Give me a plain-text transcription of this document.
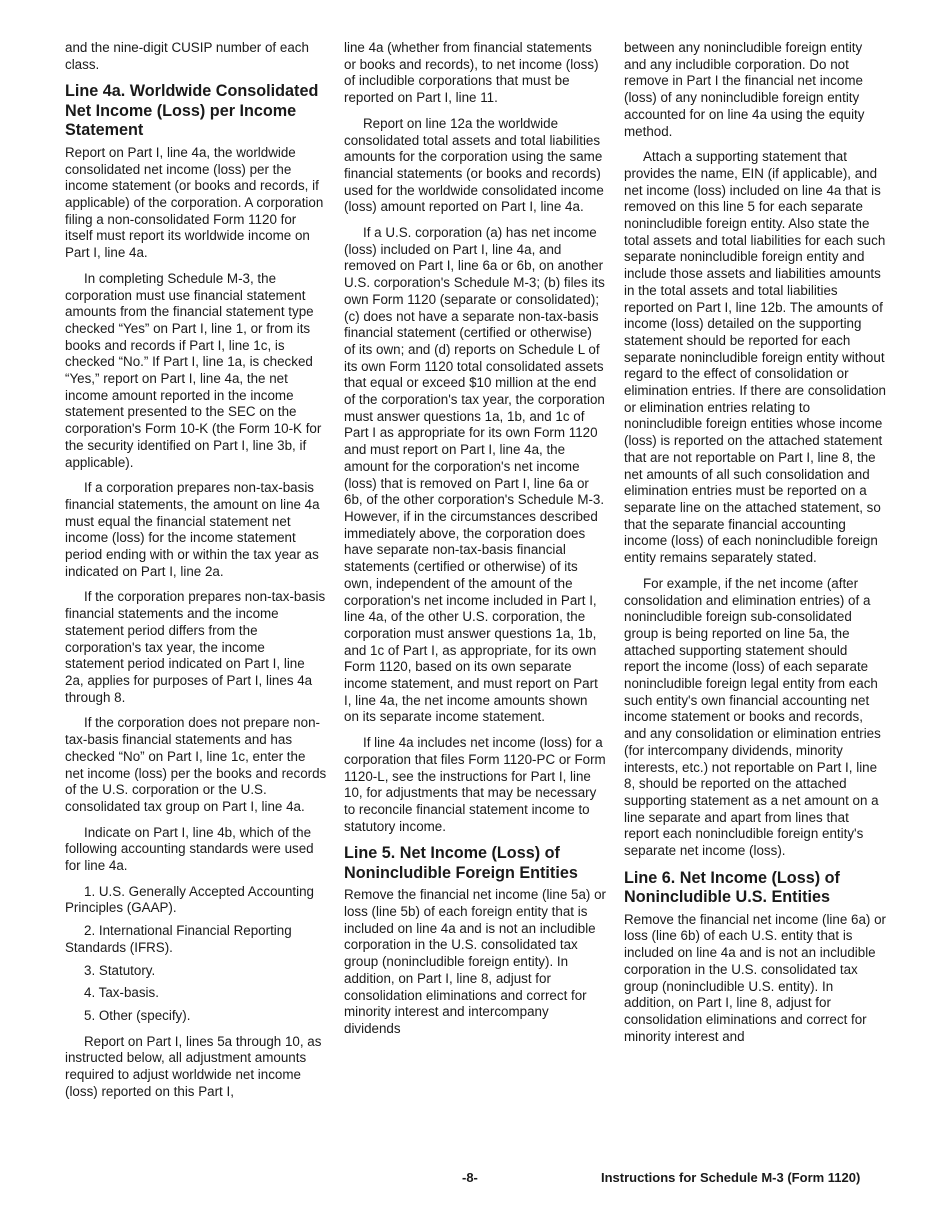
and the nine-digit CUSIP number of each class.

Line 4a. Worldwide Consolidated Net Income (Loss) per Income Statement

Report on Part I, line 4a, the worldwide consolidated net income (loss) per the income statement (or books and records, if applicable) of the corporation. A corporation filing a non-consolidated Form 1120 for itself must report its worldwide income on Part I, line 4a.

In completing Schedule M-3, the corporation must use financial statement amounts from the financial statement type checked “Yes” on Part I, line 1, or from its books and records if Part I, line 1c, is checked “No.” If Part I, line 1a, is checked “Yes,” report on Part I, line 4a, the net income amount reported in the income statement presented to the SEC on the corporation's Form 10-K (the Form 10-K for the security identified on Part I, line 3b, if applicable).

If a corporation prepares non-tax-basis financial statements, the amount on line 4a must equal the financial statement net income (loss) for the income statement period ending with or within the tax year as indicated on Part I, line 2a.

If the corporation prepares non-tax-basis financial statements and the income statement period differs from the corporation's tax year, the income statement period indicated on Part I, line 2a, applies for purposes of Part I, lines 4a through 8.

If the corporation does not prepare non-tax-basis financial statements and has checked “No” on Part I, line 1c, enter the net income (loss) per the books and records of the U.S. corporation or the U.S. consolidated tax group on Part I, line 4a.

Indicate on Part I, line 4b, which of the following accounting standards were used for line 4a.

1. U.S. Generally Accepted Accounting Principles (GAAP).
2. International Financial Reporting Standards (IFRS).
3. Statutory.
4. Tax-basis.
5. Other (specify).

Report on Part I, lines 5a through 10, as instructed below, all adjustment amounts required to adjust worldwide net income (loss) reported on this Part I,

line 4a (whether from financial statements or books and records), to net income (loss) of includible corporations that must be reported on Part I, line 11.

Report on line 12a the worldwide consolidated total assets and total liabilities amounts for the corporation using the same financial statements (or books and records) used for the worldwide consolidated income (loss) amount reported on Part I, line 4a.

If a U.S. corporation (a) has net income (loss) included on Part I, line 4a, and removed on Part I, line 6a or 6b, on another U.S. corporation's Schedule M-3; (b) files its own Form 1120 (separate or consolidated); (c) does not have a separate non-tax-basis financial statement (certified or otherwise) of its own; and (d) reports on Schedule L of its own Form 1120 total consolidated assets that equal or exceed $10 million at the end of the corporation's tax year, the corporation must answer questions 1a, 1b, and 1c of Part I as appropriate for its own Form 1120 and must report on Part I, line 4a, the amount for the corporation's net income (loss) that is removed on Part I, line 6a or 6b, of the other corporation's Schedule M-3. However, if in the circumstances described immediately above, the corporation does have separate non-tax-basis financial statements (certified or otherwise) of its own, independent of the amount of the corporation's net income included in Part I, line 4a, of the other U.S. corporation, the corporation must answer questions 1a, 1b, and 1c of Part I, as appropriate, for its own Form 1120, based on its own separate income statement, and must report on Part I, line 4a, the net income amounts shown on its separate income statement.

If line 4a includes net income (loss) for a corporation that files Form 1120-PC or Form 1120-L, see the instructions for Part I, line 10, for adjustments that may be necessary to reconcile financial statement income to statutory income.

Line 5. Net Income (Loss) of Nonincludible Foreign Entities

Remove the financial net income (line 5a) or loss (line 5b) of each foreign entity that is included on line 4a and is not an includible corporation in the U.S. consolidated tax group (nonincludible foreign entity). In addition, on Part I, line 8, adjust for consolidation eliminations and correct for minority interest and intercompany dividends

between any nonincludible foreign entity and any includible corporation. Do not remove in Part I the financial net income (loss) of any nonincludible foreign entity accounted for on line 4a using the equity method.

Attach a supporting statement that provides the name, EIN (if applicable), and net income (loss) included on line 4a that is removed on this line 5 for each separate nonincludible foreign entity. Also state the total assets and total liabilities for each such separate nonincludible foreign entity and include those assets and liabilities amounts in the total assets and total liabilities reported on Part I, line 12b. The amounts of income (loss) detailed on the supporting statement should be reported for each separate nonincludible foreign entity without regard to the effect of consolidation or elimination entries. If there are consolidation or elimination entries relating to nonincludible foreign entities whose income (loss) is reported on the attached statement that are not reportable on Part I, line 8, the net amounts of all such consolidation and elimination entries must be reported on a separate line on the attached statement, so that the separate financial accounting income (loss) of each nonincludible foreign entity remains separately stated.

For example, if the net income (after consolidation and elimination entries) of a nonincludible foreign sub-consolidated group is being reported on line 5a, the attached supporting statement should report the income (loss) of each separate nonincludible foreign legal entity from each such entity's own financial accounting net income statement or books and records, and any consolidation or elimination entries (for intercompany dividends, minority interests, etc.) not reportable on Part I, line 8, should be reported on the attached supporting statement as a net amount on a line separate and apart from lines that report each nonincludible foreign entity's separate net income (loss).

Line 6. Net Income (Loss) of Nonincludible U.S. Entities

Remove the financial net income (line 6a) or loss (line 6b) of each U.S. entity that is included on line 4a and is not an includible corporation in the U.S. consolidated tax group (nonincludible U.S. entity). In addition, on Part I, line 8, adjust for consolidation eliminations and correct for minority interest and

-8-	Instructions for Schedule M-3 (Form 1120)
